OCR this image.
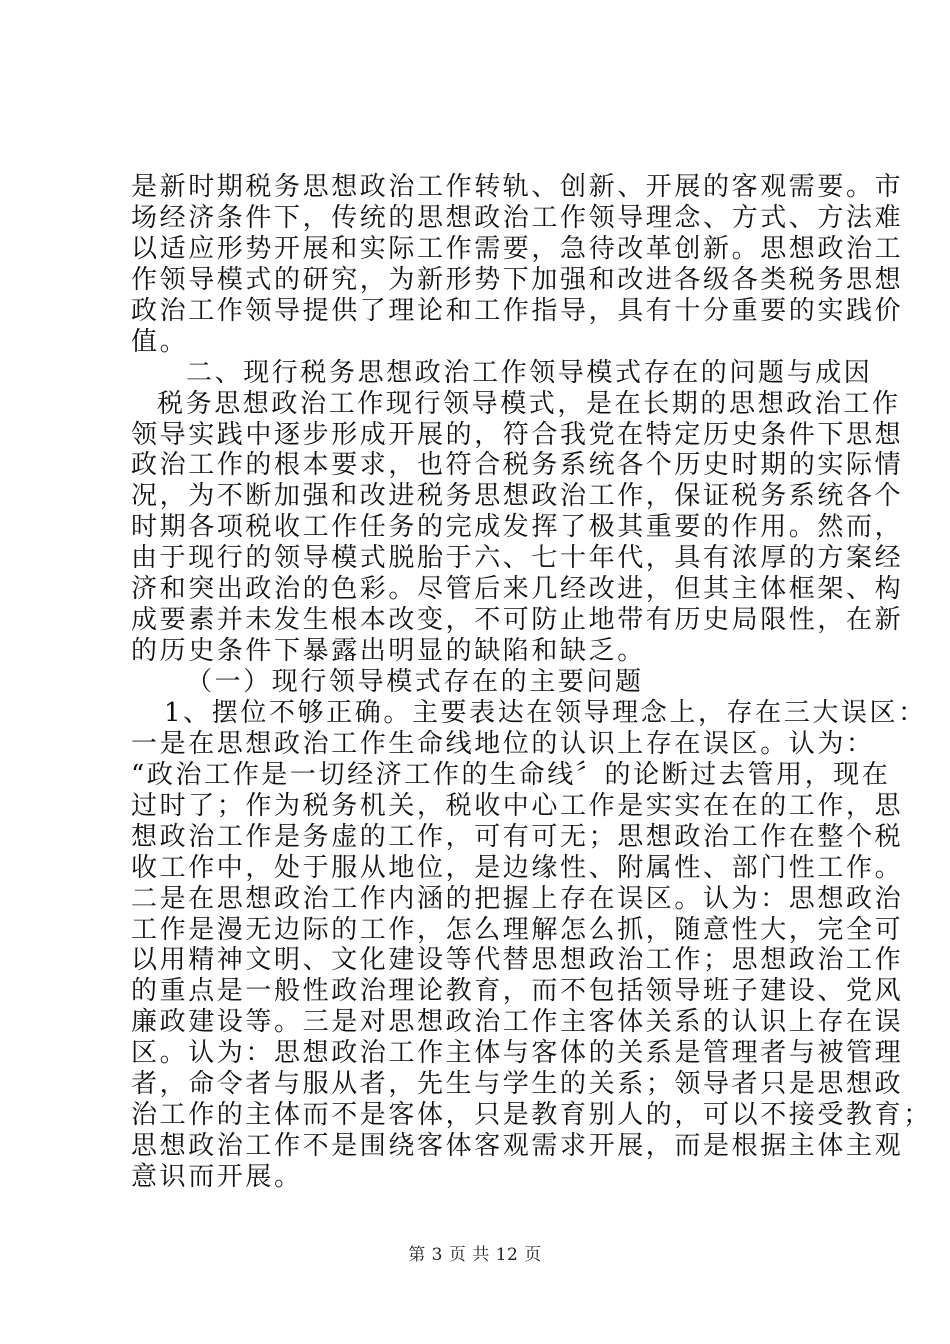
是新时期税务思想政治工作转轨、创新、开展的客观需要。市
场经济条件下，传统的思想政治工作领导理念、方式、方法难
以适应形势开展和实际工作需要，急待改革创新。思想政治工
作领导模式的研究，为新形势下加强和改进各级各类税务思想
政治工作领导提供了理论和工作指导，具有十分重要的实践价
值。
二、现行税务思想政治工作领导模式存在的问题与成因
税务思想政治工作现行领导模式，是在长期的思想政治工作
领导实践中逐步形成开展的，符合我党在特定历史条件下思想
政治工作的根本要求，也符合税务系统各个历史时期的实际情
况，为不断加强和改进税务思想政治工作，保证税务系统各个
时期各项税收工作任务的完成发挥了极其重要的作用。然而，
由于现行的领导模式脱胎于六、七十年代，具有浓厚的方案经
济和突出政治的色彩。尽管后来几经改进，但其主体框架、构
成要素并未发生根本改变，不可防止地带有历史局限性，在新
的历史条件下暴露出明显的缺陷和缺乏。
（一）现行领导模式存在的主要问题
1、摆位不够正确。主要表达在领导理念上，存在三大误区：
一是在思想政治工作生命线地位的认识上存在误区。认为：
“政治工作是一切经济工作的生命线〞的论断过去管用，现在
过时了；作为税务机关，税收中心工作是实实在在的工作，思
想政治工作是务虚的工作，可有可无；思想政治工作在整个税
收工作中，处于服从地位，是边缘性、附属性、部门性工作。
二是在思想政治工作内涵的把握上存在误区。认为：思想政治
工作是漫无边际的工作，怎么理解怎么抓，随意性大，完全可
以用精神文明、文化建设等代替思想政治工作；思想政治工作
的重点是一般性政治理论教育，而不包括领导班子建设、党风
廉政建设等。三是对思想政治工作主客体关系的认识上存在误
区。认为：思想政治工作主体与客体的关系是管理者与被管理
者，命令者与服从者，先生与学生的关系；领导者只是思想政
治工作的主体而不是客体，只是教育别人的，可以不接受教育；
思想政治工作不是围绕客体客观需求开展，而是根据主体主观
意识而开展。
第 3 页 共 12 页
